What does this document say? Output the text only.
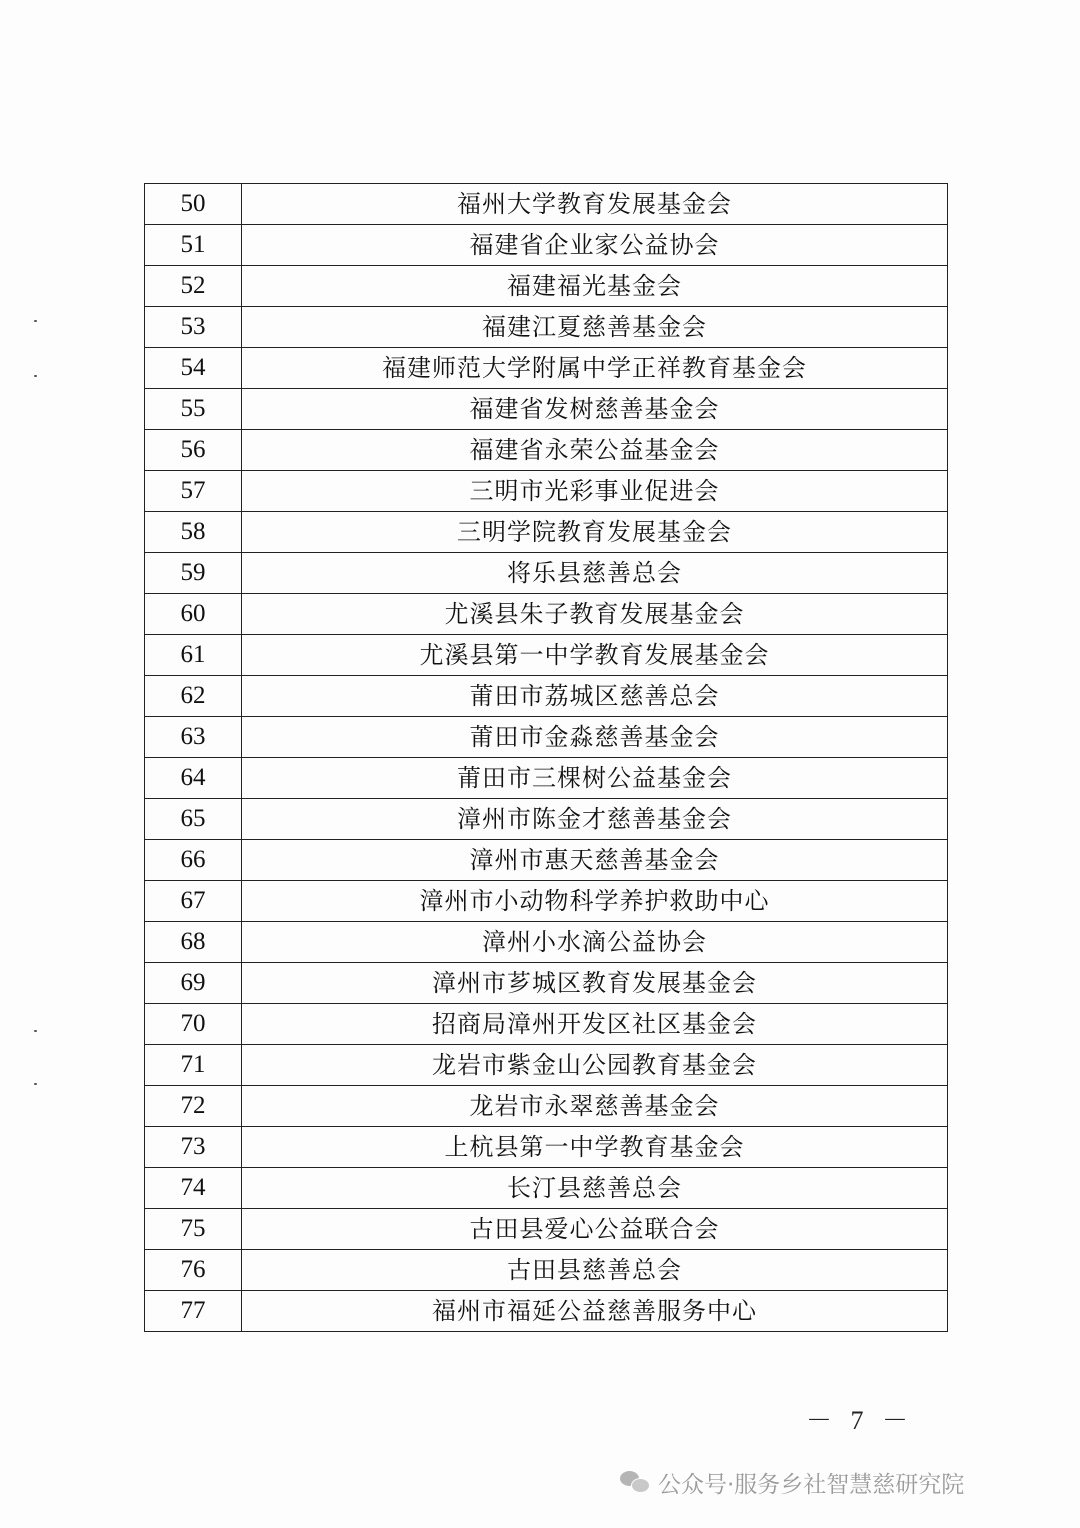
50	福州大学教育发展基金会
51	福建省企业家公益协会
52	福建福光基金会
53	福建江夏慈善基金会
54	福建师范大学附属中学正祥教育基金会
55	福建省发树慈善基金会
56	福建省永荣公益基金会
57	三明市光彩事业促进会
58	三明学院教育发展基金会
59	将乐县慈善总会
60	尤溪县朱子教育发展基金会
61	尤溪县第一中学教育发展基金会
62	莆田市荔城区慈善总会
63	莆田市金淼慈善基金会
64	莆田市三棵树公益基金会
65	漳州市陈金才慈善基金会
66	漳州市惠天慈善基金会
67	漳州市小动物科学养护救助中心
68	漳州小水滴公益协会
69	漳州市芗城区教育发展基金会
70	招商局漳州开发区社区基金会
71	龙岩市紫金山公园教育基金会
72	龙岩市永翠慈善基金会
73	上杭县第一中学教育基金会
74	长汀县慈善总会
75	古田县爱心公益联合会
76	古田县慈善总会
77	福州市福延公益慈善服务中心
－ 7 －
公众号·服务乡社智慧慈研究院
